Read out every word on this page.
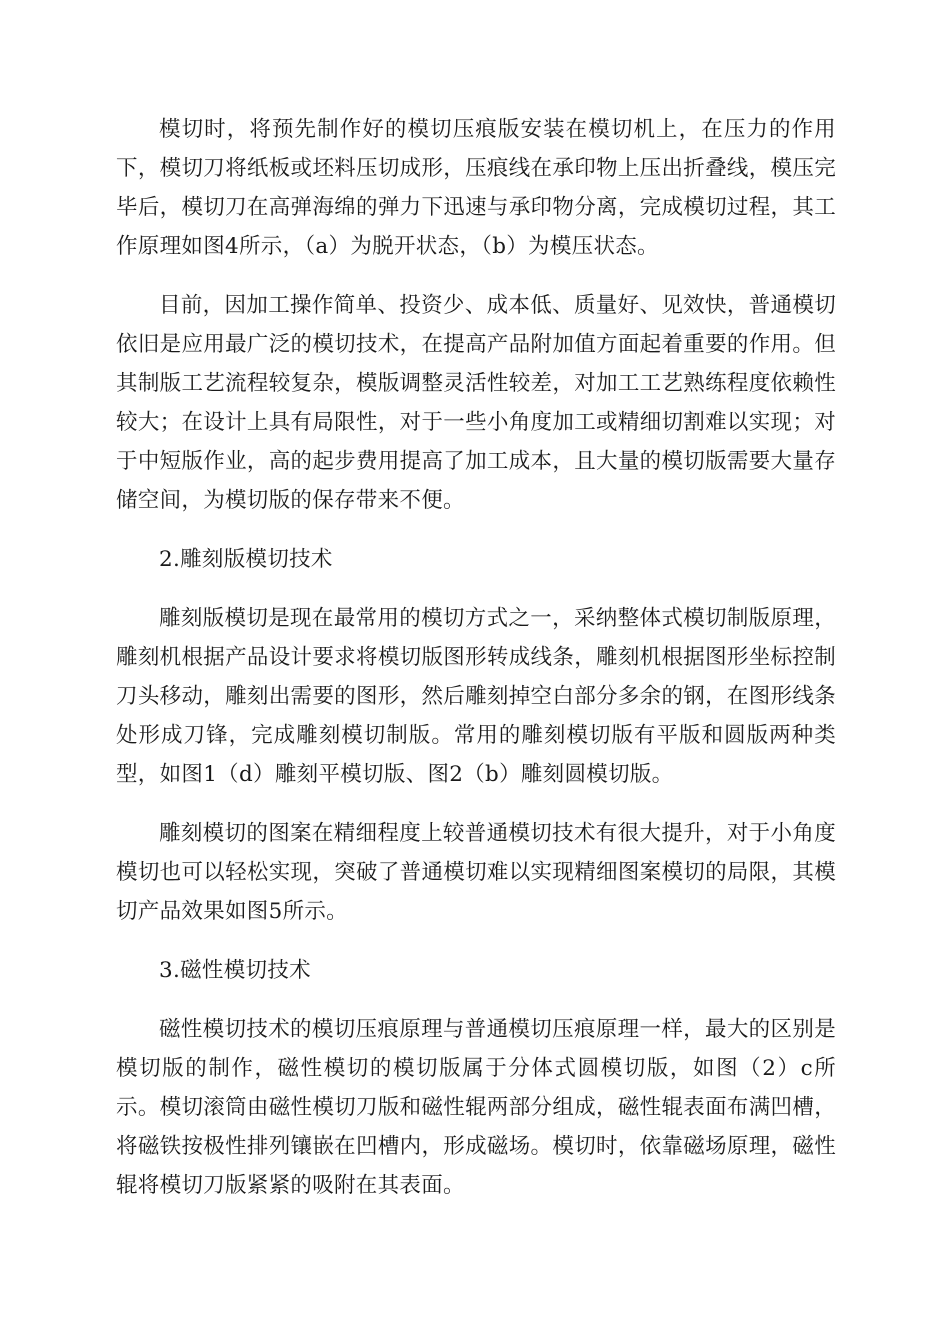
模切时，将预先制作好的模切压痕版安装在模切机上，在压力的作用下，模切刀将纸板或坯料压切成形，压痕线在承印物上压出折叠线，模压完毕后，模切刀在高弹海绵的弹力下迅速与承印物分离，完成模切过程，其工作原理如图4所示，（a）为脱开状态，（b）为模压状态。

目前，因加工操作简单、投资少、成本低、质量好、见效快，普通模切依旧是应用最广泛的模切技术，在提高产品附加值方面起着重要的作用。但其制版工艺流程较复杂，模版调整灵活性较差，对加工工艺熟练程度依赖性较大；在设计上具有局限性，对于一些小角度加工或精细切割难以实现；对于中短版作业，高的起步费用提高了加工成本，且大量的模切版需要大量存储空间，为模切版的保存带来不便。

2.雕刻版模切技术

雕刻版模切是现在最常用的模切方式之一，采纳整体式模切制版原理，雕刻机根据产品设计要求将模切版图形转成线条，雕刻机根据图形坐标控制刀头移动，雕刻出需要的图形，然后雕刻掉空白部分多余的钢，在图形线条处形成刀锋，完成雕刻模切制版。常用的雕刻模切版有平版和圆版两种类型，如图1（d）雕刻平模切版、图2（b）雕刻圆模切版。

雕刻模切的图案在精细程度上较普通模切技术有很大提升，对于小角度模切也可以轻松实现，突破了普通模切难以实现精细图案模切的局限，其模切产品效果如图5所示。

3.磁性模切技术

磁性模切技术的模切压痕原理与普通模切压痕原理一样，最大的区别是模切版的制作，磁性模切的模切版属于分体式圆模切版，如图（2）c所示。模切滚筒由磁性模切刀版和磁性辊两部分组成，磁性辊表面布满凹槽，将磁铁按极性排列镶嵌在凹槽内，形成磁场。模切时，依靠磁场原理，磁性辊将模切刀版紧紧的吸附在其表面。
